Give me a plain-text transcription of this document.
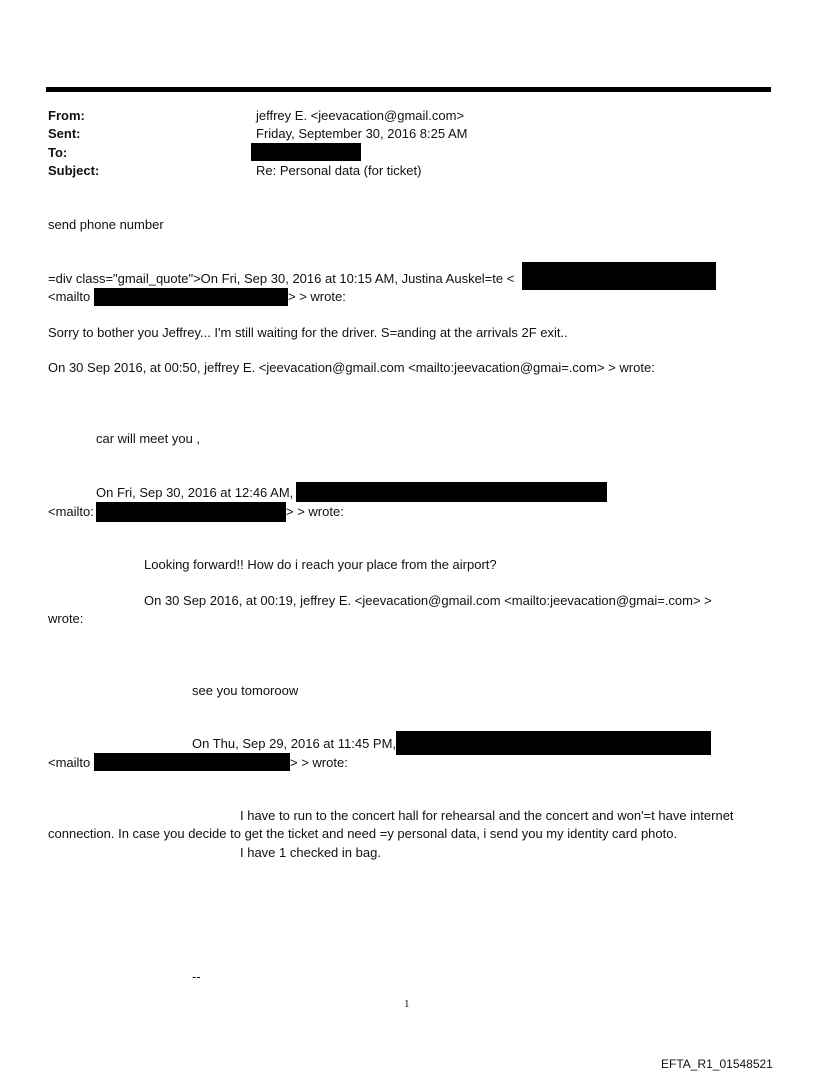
From:	jeffrey E. <jeevacation@gmail.com>
Sent:	Friday, September 30, 2016 8:25 AM
To:
Subject:	Re: Personal data (for ticket)
send phone number
=div class="gmail_quote">On Fri, Sep 30, 2016 at 10:15 AM, Justina Auskel=te <
<mailto	> > wrote:
Sorry to bother you Jeffrey... I'm still waiting for the driver. S=anding at the arrivals 2F exit..
On 30 Sep 2016, at 00:50, jeffrey E. <jeevacation@gmail.com <mailto:jeevacation@gmai=.com> > wrote:
car will meet you ,
On Fri, Sep 30, 2016 at 12:46 AM,
<mailto:	> > wrote:
Looking forward!! How do i reach your place from the airport?
On 30 Sep 2016, at 00:19, jeffrey E. <jeevacation@gmail.com <mailto:jeevacation@gmai=.com> >
wrote:
see you tomoroow
On Thu, Sep 29, 2016 at 11:45 PM,
<mailto	> > wrote:
I have to run to the concert hall for rehearsal and the concert and won'=t have internet
connection. In case you decide to get the ticket and need =y personal data, i send you my identity card photo.
I have 1 checked in bag.
--
1
EFTA_R1_01548521
